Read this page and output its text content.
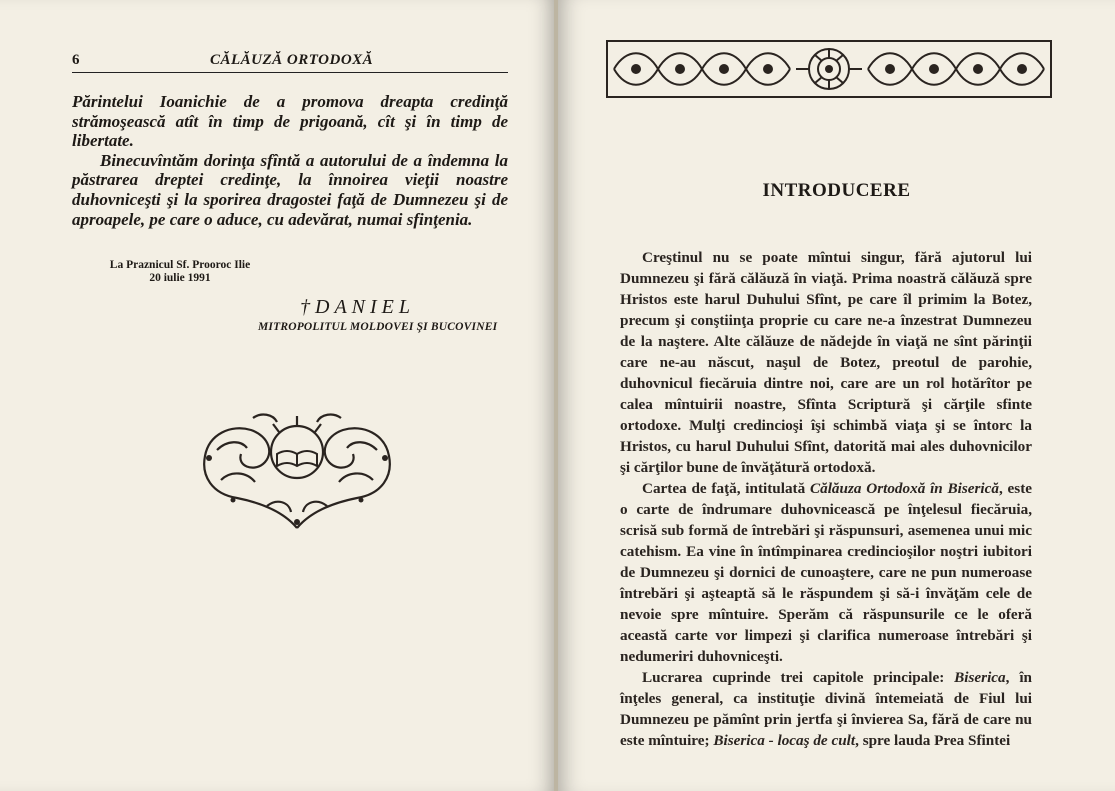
6	CĂLĂUZĂ ORTODOXĂ

Părintelui Ioanichie de a promova dreapta credinţă strămoşească atît în timp de prigoană, cît şi în timp de libertate.

Binecuvîntăm dorinţa sfîntă a autorului de a îndemna la păstrarea dreptei credinţe, la înnoirea vieţii noastre duhovniceşti şi la sporirea dragostei faţă de Dumnezeu şi de aproapele, pe care o aduce, cu adevărat, numai sfinţenia.

La Praznicul Sf. Prooroc Ilie
20 iulie 1991
†DANIEL
MITROPOLITUL MOLDOVEI ŞI BUCOVINEI
INTRODUCERE

Creştinul nu se poate mîntui singur, fără ajutorul lui Dumnezeu şi fără călăuză în viaţă. Prima noastră călăuză spre Hristos este harul Duhului Sfînt, pe care îl primim la Botez, precum şi conştiinţa proprie cu care ne-a înzestrat Dumnezeu de la naştere. Alte călăuze de nădejde în viaţă ne sînt părinţii care ne-au născut, naşul de Botez, preotul de parohie, duhovnicul fiecăruia dintre noi, care are un rol hotărîtor pe calea mîntuirii noastre, Sfînta Scriptură şi cărţile sfinte ortodoxe. Mulţi credincioşi îşi schimbă viaţa şi se întorc la Hristos, cu harul Duhului Sfînt, datorită mai ales duhovnicilor şi cărţilor bune de învăţătură ortodoxă.

Cartea de faţă, intitulată Călăuza Ortodoxă în Biserică, este o carte de îndrumare duhovnicească pe înţelesul fiecăruia, scrisă sub formă de întrebări şi răspunsuri, asemenea unui mic catehism. Ea vine în întîmpinarea credincioşilor noştri iubitori de Dumnezeu şi dornici de cunoaştere, care ne pun numeroase întrebări şi aşteaptă să le răspundem şi să-i învăţăm cele de nevoie spre mîntuire. Sperăm că răspunsurile ce le oferă această carte vor limpezi şi clarifica numeroase întrebări şi nedumeriri duhovniceşti.

Lucrarea cuprinde trei capitole principale: Biserica, în înţeles general, ca instituţie divină întemeiată de Fiul lui Dumnezeu pe pămînt prin jertfa şi învierea Sa, fără de care nu este mîntuire; Biserica - locaş de cult, spre lauda Prea Sfintei
